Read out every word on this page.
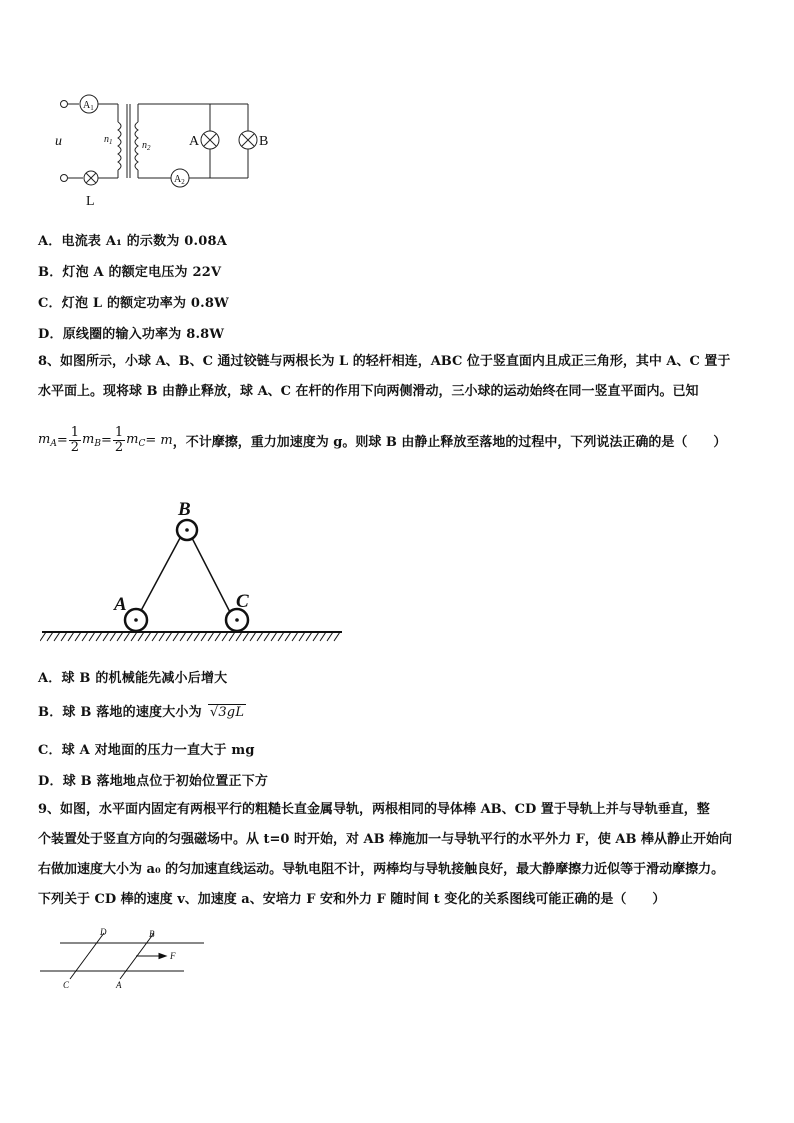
$A_1$
$A_2$
u	$n_1$	$n_2$	A	B
L
A．电流表 A₁ 的示数为 0.08A
B．灯泡 A 的额定电压为 22V
C．灯泡 L 的额定功率为 0.8W
D．原线圈的输入功率为 8.8W
8、如图所示，小球 A、B、C 通过铰链与两根长为 L 的轻杆相连，ABC 位于竖直面内且成正三角形，其中 A、C 置于
水平面上。现将球 B 由静止释放，球 A、C 在杆的作用下向两侧滑动，三小球的运动始终在同一竖直平面内。已知
$m_A = \frac{1}{2} m_B = \frac{1}{2} m_C = m$ ，不计摩擦，重力加速度为 g。则球 B 由静止释放至落地的过程中，下列说法正确的是（　　）
B
A	C
A．球 B 的机械能先减小后增大
B．球 B 落地的速度大小为 √3gL
C．球 A 对地面的压力一直大于 mg
D．球 B 落地地点位于初始位置正下方
9、如图，水平面内固定有两根平行的粗糙长直金属导轨，两根相同的导体棒 AB、CD 置于导轨上并与导轨垂直，整
个装置处于竖直方向的匀强磁场中。从 t=0 时开始，对 AB 棒施加一与导轨平行的水平外力 F，使 AB 棒从静止开始向
右做加速度大小为 a₀ 的匀加速直线运动。导轨电阻不计，两棒均与导轨接触良好，最大静摩擦力近似等于滑动摩擦力。
下列关于 CD 棒的速度 v、加速度 a、安培力 F 安和外力 F 随时间 t 变化的关系图线可能正确的是（　　）
D	B
C	A
F
